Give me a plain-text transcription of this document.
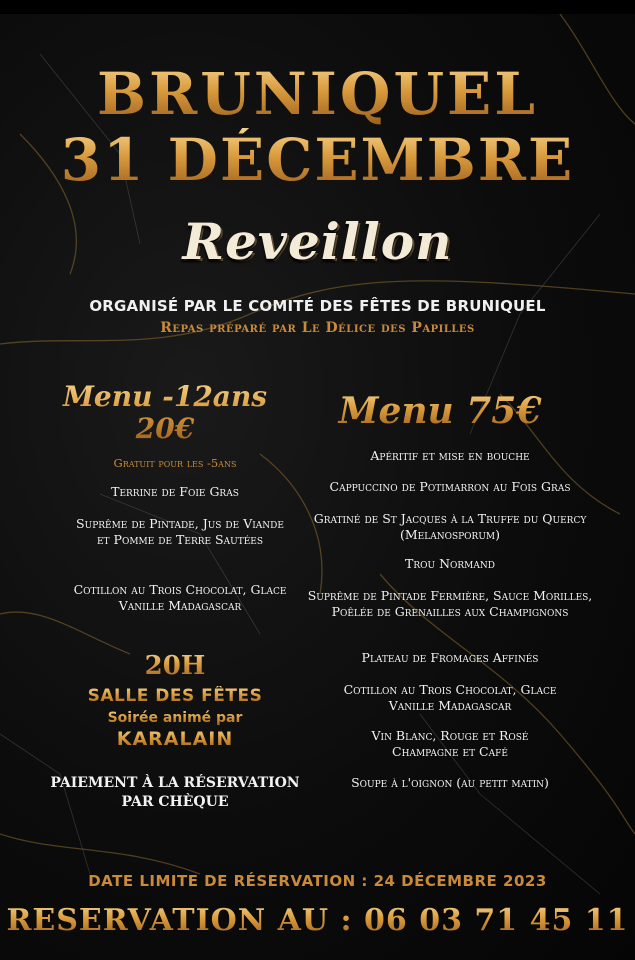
BRUNIQUEL
31 DÉCEMBRE
Reveillon
ORGANISÉ PAR LE COMITÉ DES FÊTES DE BRUNIQUEL
Repas préparé par Le Délice des Papilles
Menu -12ans
20€
Gratuit pour les -5ans
Terrine de Foie Gras
Suprême de Pintade, Jus de Viande et Pomme de Terre Sautées
Cotillon au Trois Chocolat, Glace Vanille Madagascar
Menu 75€
Apéritif et mise en bouche
Cappuccino de Potimarron au Fois Gras
Gratiné de St Jacques à la Truffe du Quercy (Melanosporum)
Trou Normand
Suprême de Pintade Fermière, Sauce Morilles, Poêlée de Grenailles aux Champignons
Plateau de Fromages Affinés
Cotillon au Trois Chocolat, Glace Vanille Madagascar
Vin Blanc, Rouge et Rosé Champagne et Café
Soupe à l'oignon (au petit matin)
20H
SALLE DES FÊTES
Soirée animé par
KARALAIN
PAIEMENT À LA RÉSERVATION PAR CHÈQUE
DATE LIMITE DE RÉSERVATION : 24 DÉCEMBRE 2023
RESERVATION AU : 06 03 71 45 11
